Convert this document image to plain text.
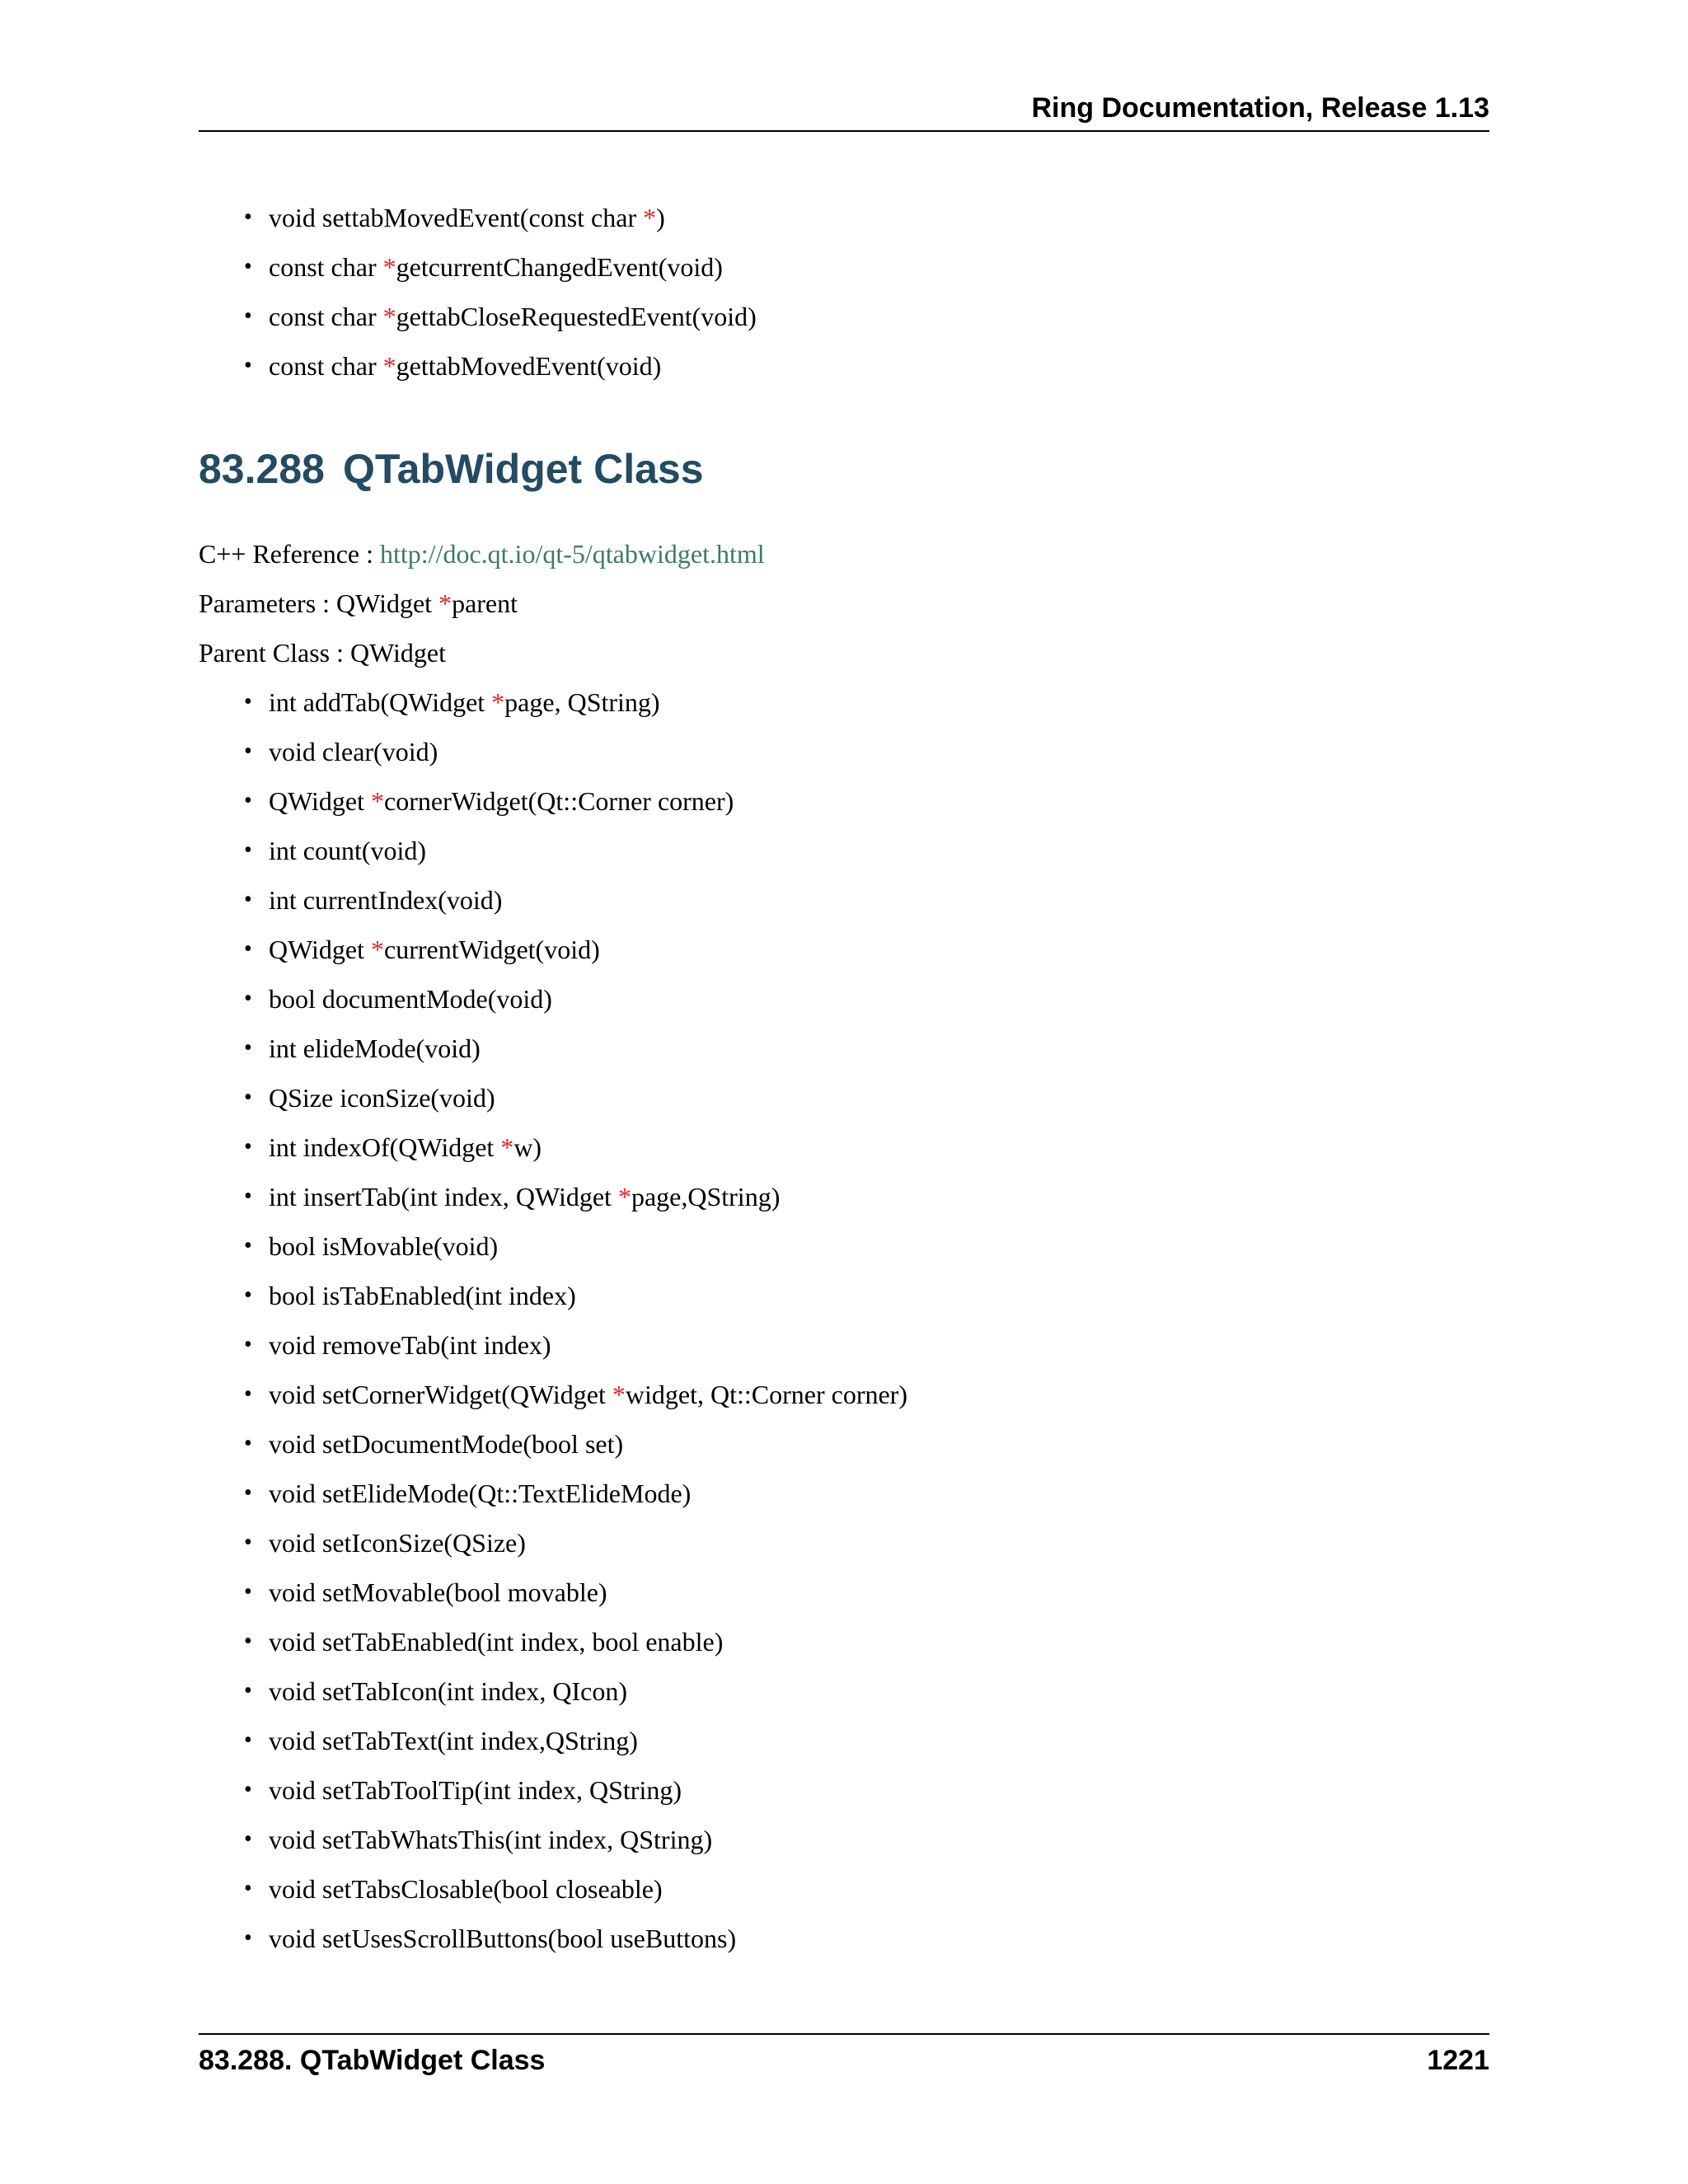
Ring Documentation, Release 1.13
• void settabMovedEvent(const char *)
• const char *getcurrentChangedEvent(void)
• const char *gettabCloseRequestedEvent(void)
• const char *gettabMovedEvent(void)
83.288 QTabWidget Class
C++ Reference : http://doc.qt.io/qt-5/qtabwidget.html
Parameters : QWidget *parent
Parent Class : QWidget
• int addTab(QWidget *page, QString)
• void clear(void)
• QWidget *cornerWidget(Qt::Corner corner)
• int count(void)
• int currentIndex(void)
• QWidget *currentWidget(void)
• bool documentMode(void)
• int elideMode(void)
• QSize iconSize(void)
• int indexOf(QWidget *w)
• int insertTab(int index, QWidget *page,QString)
• bool isMovable(void)
• bool isTabEnabled(int index)
• void removeTab(int index)
• void setCornerWidget(QWidget *widget, Qt::Corner corner)
• void setDocumentMode(bool set)
• void setElideMode(Qt::TextElideMode)
• void setIconSize(QSize)
• void setMovable(bool movable)
• void setTabEnabled(int index, bool enable)
• void setTabIcon(int index, QIcon)
• void setTabText(int index,QString)
• void setTabToolTip(int index, QString)
• void setTabWhatsThis(int index, QString)
• void setTabsClosable(bool closeable)
• void setUsesScrollButtons(bool useButtons)
83.288. QTabWidget Class	1221
